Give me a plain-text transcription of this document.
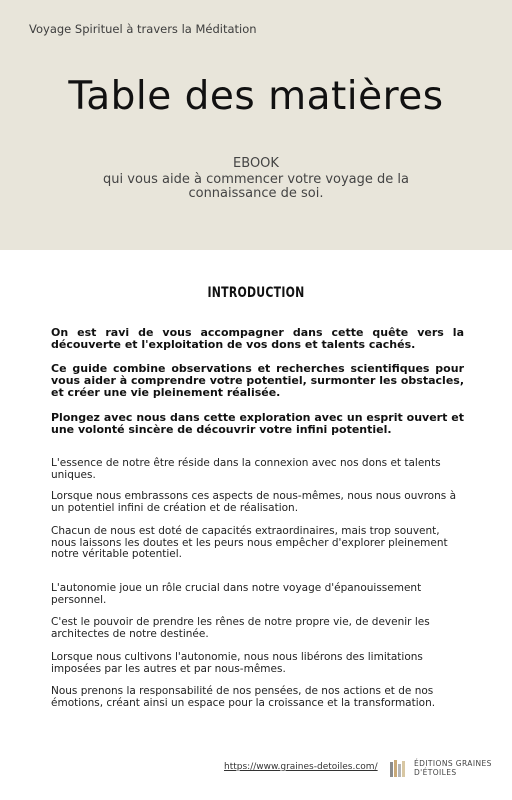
Voyage Spirituel à travers la Méditation
Table des matières
EBOOK
qui vous aide à commencer votre voyage de la connaissance de soi.
INTRODUCTION

On est ravi de vous accompagner dans cette quête vers la découverte et l'exploitation de vos dons et talents cachés.

Ce guide combine observations et recherches scientifiques pour vous aider à comprendre votre potentiel, surmonter les obstacles, et créer une vie pleinement réalisée.

Plongez avec nous dans cette exploration avec un esprit ouvert et une volonté sincère de découvrir votre infini potentiel.

L'essence de notre être réside dans la connexion avec nos dons et talents uniques.

Lorsque nous embrassons ces aspects de nous-mêmes, nous nous ouvrons à un potentiel infini de création et de réalisation.

Chacun de nous est doté de capacités extraordinaires, mais trop souvent, nous laissons les doutes et les peurs nous empêcher d'explorer pleinement notre véritable potentiel.

L'autonomie joue un rôle crucial dans notre voyage d'épanouissement personnel.

C'est le pouvoir de prendre les rênes de notre propre vie, de devenir les architectes de notre destinée.

Lorsque nous cultivons l'autonomie, nous nous libérons des limitations imposées par les autres et par nous-mêmes.

Nous prenons la responsabilité de nos pensées, de nos actions et de nos émotions, créant ainsi un espace pour la croissance et la transformation.

https://www.graines-detoiles.com/	ÉDITIONS GRAINES
D'ÉTOILES
